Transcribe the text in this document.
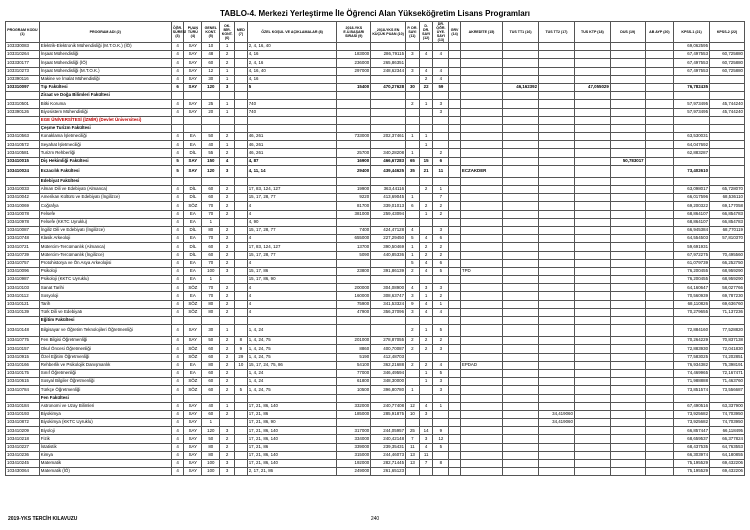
TABLO-4. Merkezi Yerleştirme İle Öğrenci Alan Yükseköğretim Lisans Programları
PROGRAM KODU (1)	PROGRAM ADI (2)	ÖĞR. SÜRESİ (3)	PUAN TÜRÜ (4)	GENEL KONT. (5)	OK. BİR. KONT. (6)	MED (7)	ÖZEL KOŞUL VE AÇIKLAMALAR (8)	2018-YKS E.Ü.BAŞARI SIRASI (9)	2018-YKS EN KÜÇÜK PUAN (10)	P. DR. SAYI (11)	D. DR. SAYI (12)	DR. ÖĞR. ÜYE. SAYI (13)	GRV (14)	AKREDİTE (15)	TUS TT1 (16)	TUS TT2 (17)	TUS KTP (18)	DUS (19)	AB AYP (20)	KPSS-1 (21)	KPSS-2 (22)
103330083	Elektrik-Elektronik Mühendisliği (M.T.O.K.) (İÖ)	4	SAY	10	1		2, 4, 16, 40													69,062595	
103310264	İnşaat Mühendisliği	4	SAY	48	2		4, 16	183000	286,79115	3	4	4								67,497553	60,725880
103330177	İnşaat Mühendisliği (İÖ)	4	SAY	60	2		2, 4, 16	236000	265,86351											67,497553	60,725880
103310273	İnşaat Mühendisliği (M.T.O.K.)	4	SAY	12	1		4, 16, 40	297000	248,62344	3	4	4								67,497553	60,725880
103390116	Makine ve İmalat Mühendisliği	4	SAY	30	1		4, 16				2	4									
103310097	Tıp Fakültesi	6	SAY	120	3		5	15400	470,27628	30	22	59			46,162392		47,055029			76,782435	
	Ziraat ve Doğa Bilimleri Fakültesi																				
103310501	Bitki Koruma	4	SAY	25	1		740			2	1	3								57,973495	45,744240
103390126	Biyosistem Mühendisliği	4	SAY	20	1		740					3								57,973495	45,744240
	EGE ÜNİVERSİTESİ (İZMİR) (Devlet Üniversitesi)																				
	Çeşme Turizm Fakültesi																				
103410563	Konaklama İşletmeciliği	4	EA	50	2		46, 261	733000	202,37461	1	1									63,530031	
103410572	Seyahat İşletmeciliği	4	EA	40	1		46, 261				1									64,047692	
103410581	Turizm Rehberliği	4	DİL	55	2		46, 261	25700	340,28208	1		2								62,883287	
103410015	Diş Hekimliği Fakültesi	5	SAY	150	4		4, 87	16900	466,67283	65	15	6						50,783017			
103410024	Eczacılık Fakültesi	5	SAY	120	3		4, 11, 14	29400	439,44625	35	21	11		ECZAKDER						73,402610	
	Edebiyat Fakültesi																				
103410033	Alman Dili ve Edebiyatı (Almanca)	4	DİL	60	2		17, 83, 124, 127	19900	363,44116		2	1								63,098017	65,728070
103410042	Amerikan Kültürü ve Edebiyatı (İngilizce)	4	DİL	60	2		15, 17, 28, 77	9220	413,69045	1		7								66,017596	68,536110
103410069	Coğrafya	4	SÖZ	70	2		4	81700	339,01013	6	2	2								69,200322	69,177058
103410078	Felsefe	4	EA	70	2		4	381000	259,43094		1	2								68,864107	66,854783
103410978	Felsefe (KKTC Uyruklu)	4	EA	1			4, 90													68,864107	66,854783
103410087	İngiliz Dili ve Edebiyatı (İngilizce)	4	DİL	80	2		15, 17, 28, 77	7400	424,47128	4		3								66,945384	68,770119
103410748	Klasik Arkeoloji	4	EA	70	2		4	655000	227,29450	5	4	6								64,554503	57,810370
103410721	Mütercim-Tercümanlık (Almanca)	4	DİL	60	2		17, 83, 124, 127	13700	390,50469	1	2	2								59,691931	
103410739	Mütercim-Tercümanlık (İngilizce)	4	DİL	60	2		15, 17, 28, 77	5090	440,85336	1	2	2								67,972275	70,495560
103410757	Protohistorya ve Ön Asya Arkeolojisi	4	EA	70	2		4			5	4	6								61,079739	66,252750
103410096	Psikoloji	4	EA	100	3		15, 17, 86	23800	391,86139	2	4	5		TPD						76,200455	68,959290
103410987	Psikoloji (KKTC Uyruklu)	4	EA	1			15, 17, 86, 90													76,200455	68,959290
103410103	Sanat Tarihi	4	SÖZ	70	2		4	200000	304,08900	4	3	3								64,160647	58,027766
103410112	Sosyoloji	4	EA	70	2		4	160000	308,63747	3	1	2								70,560939	69,787230
103410121	Tarih	4	SÖZ	80	2		4	75900	341,53324	9	4	1								68,110826	69,636760
103410139	Türk Dili ve Edebiyatı	4	SÖZ	80	2		4	47900	356,37096	3	4	4								70,279655	71,137236
	Eğitim Fakültesi																				
103410148	Bilgisayar ve Öğretim Teknolojileri Öğretmenliği	4	SAY	30	1		1, 4, 24			2	1	5								72,884160	77,528820
103410775	Fen Bilgisi Öğretmenliği	4	SAY	50	2	8	1, 4, 24, 75	201000	278,87055	2	2	2								70,264229	70,837138
103410157	Okul Öncesi Öğretmenliği	4	SÖZ	60	2	9	1, 4, 24, 75	8860	400,70087	2	2	3								72,883930	72,041830
103410915	Özel Eğitim Öğretmenliği	4	SÖZ	60	2	29	1, 4, 24, 75	5190	412,48703											77,583025	74,202851
103410166	Rehberlik ve Psikolojik Danışmanlık	4	EA	80	2	10	15, 17, 24, 75, 86	54100	362,21688	2	2	4		EPDAD						76,934382	75,398191
103410175	Sınıf Öğretmenliği	4	EA	60	2		1, 4, 24	77000	346,49594		1	5								74,469965	72,167471
103410615	Sosyal Bilgiler Öğretmenliği	4	SÖZ	60	2		1, 4, 24	61800	348,30000		1	3								71,988888	71,463760
103410784	Türkçe Öğretmenliği	4	SÖZ	60	2	5	1, 4, 24, 75	10500	396,80780	1		3								73,851574	73,556687
	Fen Fakültesi																				
103410184	Astronomi ve Uzay Bilimleri	4	SAY	40	1		17, 21, 86, 140	332000	240,77408	12	4	1								67,490516	63,337900
103410193	Biyokimya	4	SAY	60	2		17, 21, 86	185000	285,91875	10	3					34,419060				73,925682	74,703950
103410872	Biyokimya (KKTC Uyruklu)	4	SAY	1			17, 21, 86, 90									34,419060				73,925682	74,703950
103410209	Biyoloji	4	SAY	120	3		17, 21, 86, 140	317000	244,05957	25	14	9								66,857447	66,118495
103410218	Fizik	4	SAY	50	2		17, 21, 86, 140	334000	240,42148	7	3	12								68,659537	66,377824
103410227	İstatistik	4	SAY	80	2		17, 21, 86	339000	239,35431	11	4	5								68,437535	64,763553
103410236	Kimya	4	SAY	80	2		17, 21, 86, 140	315000	244,46073	13	11									66,303974	64,180855
103410245	Matematik	4	SAY	100	3		17, 21, 86, 140	192000	282,71445	13	7	8								75,195529	69,432206
103430064	Matematik (İÖ)	4	SAY	100	3		2, 17, 21, 86	249000	261,65123											75,195529	69,432206
2019-YKS TERCİH KILAVUZU	240
